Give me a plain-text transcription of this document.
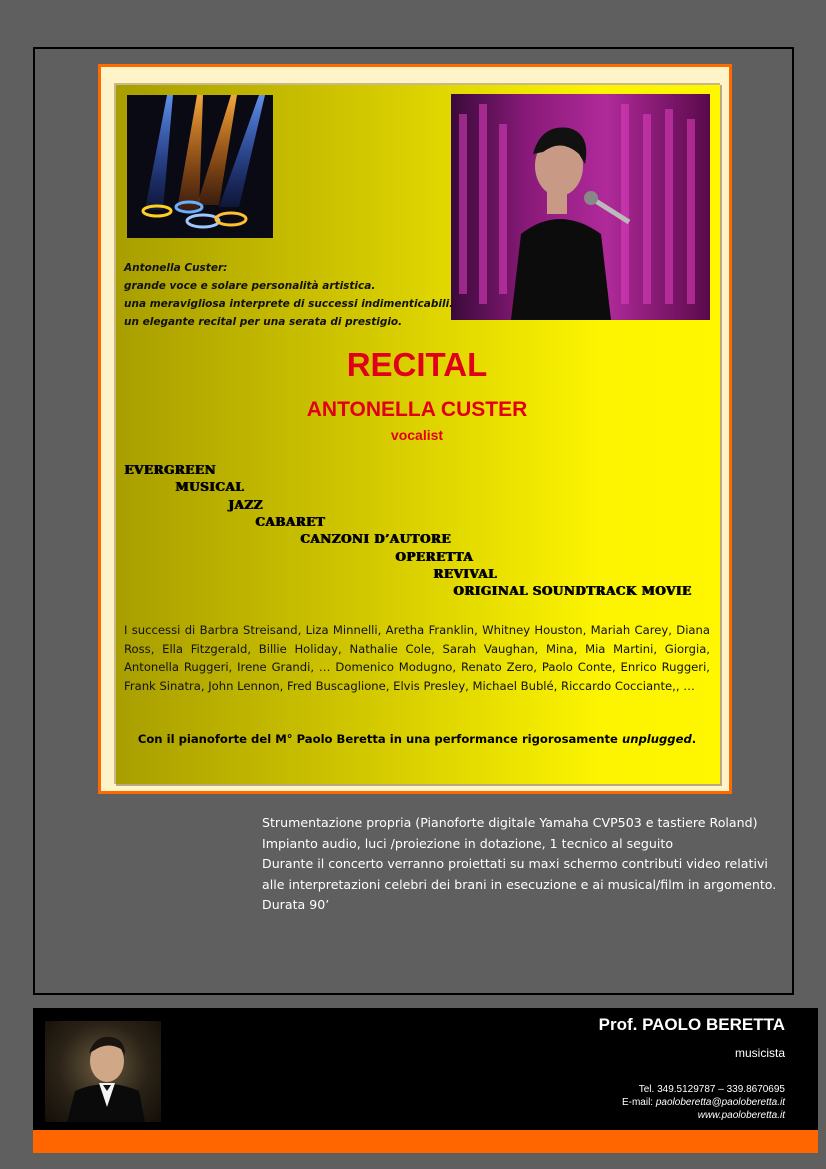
Antonella Custer:
grande voce e solare personalità artistica.
una meravigliosa interprete di successi indimenticabili.
un elegante recital per una serata di prestigio.
RECITAL
ANTONELLA CUSTER
vocalist
EVERGREEN
MUSICAL
JAZZ
CABARET
CANZONI D’AUTORE
OPERETTA
REVIVAL
ORIGINAL SOUNDTRACK MOVIE
I successi di Barbra Streisand, Liza Minnelli, Aretha Franklin, Whitney Houston, Mariah Carey, Diana Ross, Ella Fitzgerald, Billie Holiday, Nathalie Cole, Sarah Vaughan, Mina, Mia Martini, Giorgia, Antonella Ruggeri, Irene Grandi, … Domenico Modugno, Renato Zero, Paolo Conte, Enrico Ruggeri, Frank Sinatra, John Lennon, Fred Buscaglione, Elvis Presley, Michael Bublé, Riccardo Cocciante,, …
Con il pianoforte del M° Paolo Beretta in una performance rigorosamente unplugged.
Strumentazione propria (Pianoforte digitale Yamaha CVP503 e tastiere Roland)
Impianto audio, luci /proiezione in dotazione, 1 tecnico al seguito
Durante il concerto verranno proiettati su maxi schermo contributi video relativi alle interpretazioni celebri dei brani in esecuzione e ai musical/film in argomento.
Durata 90’
Prof. PAOLO BERETTA
musicista
Tel. 349.5129787 – 339.8670695
E-mail: paoloberetta@paoloberetta.it
www.paoloberetta.it
